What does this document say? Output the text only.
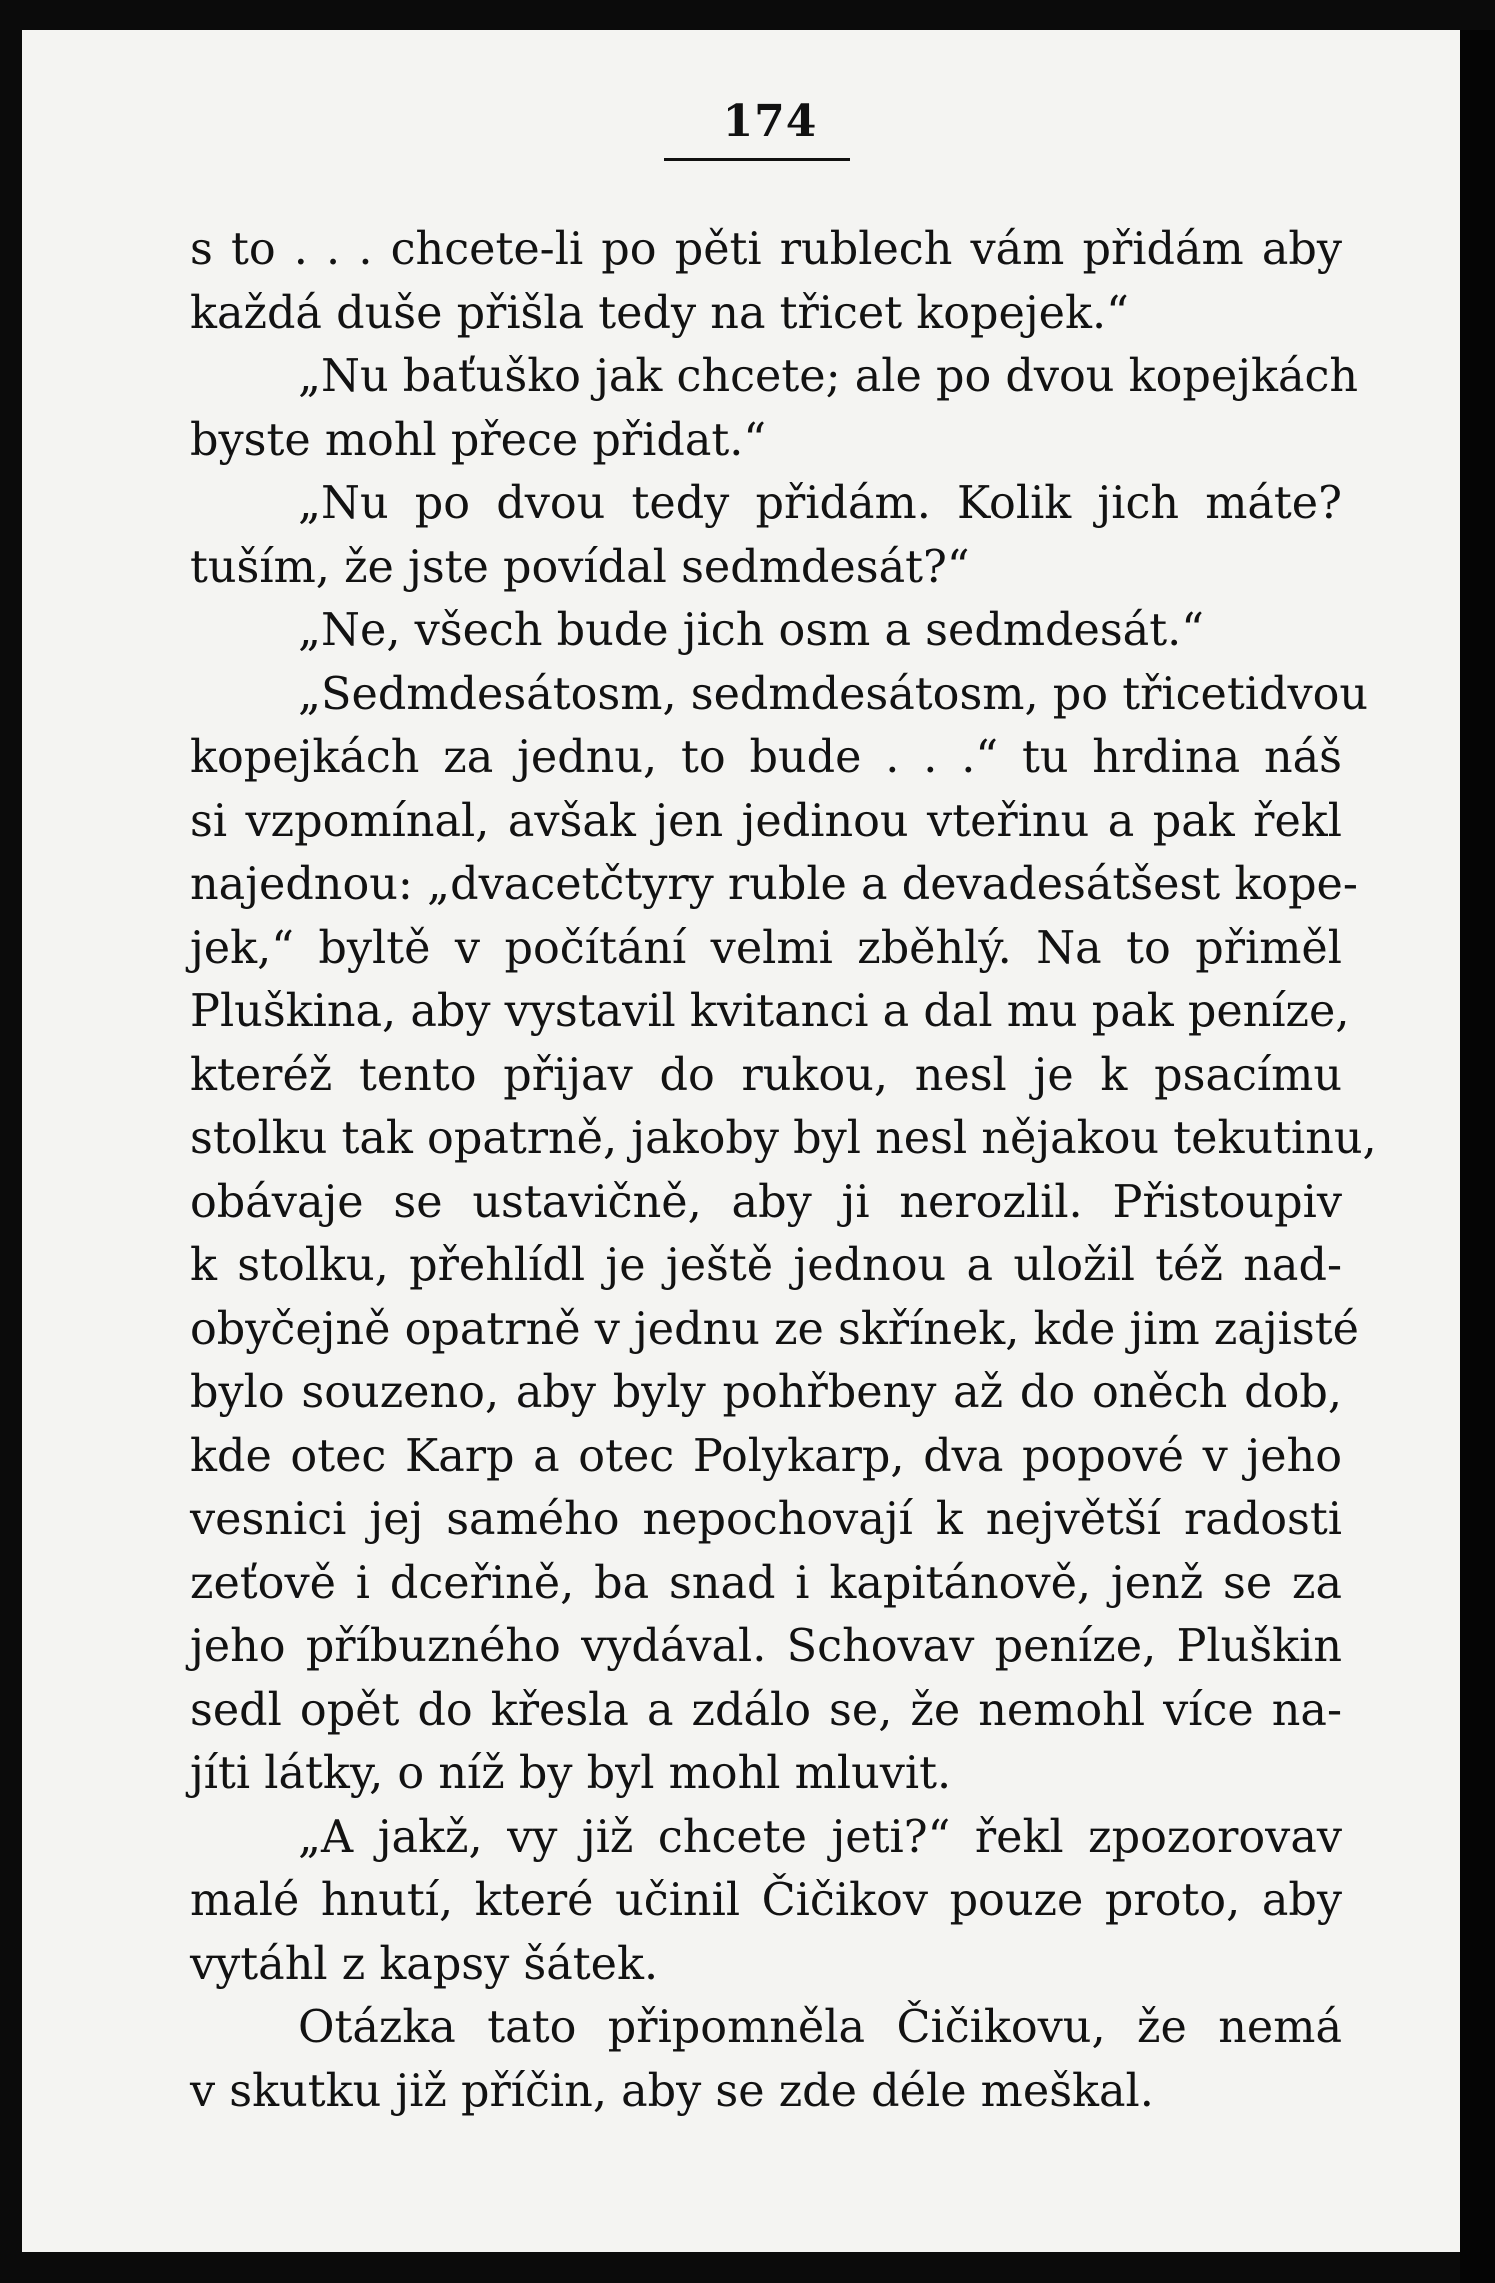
174
s to . . . chcete-li po pěti rublech vám přidám aby
každá duše přišla tedy na třicet kopejek.“
„Nu baťuško jak chcete; ale po dvou kopejkách
byste mohl přece přidat.“
„Nu po dvou tedy přidám. Kolik jich máte?
tuším, že jste povídal sedmdesát?“
„Ne, všech bude jich osm a sedmdesát.“
„Sedmdesátosm, sedmdesátosm, po třicetidvou
kopejkách za jednu, to bude . . .“ tu hrdina náš
si vzpomínal, avšak jen jedinou vteřinu a pak řekl
najednou: „dvacetčtyry ruble a devadesátšest kope-
jek,“ byltě v počítání velmi zběhlý. Na to přiměl
Pluškina, aby vystavil kvitanci a dal mu pak peníze,
kteréž tento přijav do rukou, nesl je k psacímu
stolku tak opatrně, jakoby byl nesl nějakou tekutinu,
obávaje se ustavičně, aby ji nerozlil. Přistoupiv
k stolku, přehlídl je ještě jednou a uložil též nad-
obyčejně opatrně v jednu ze skřínek, kde jim zajisté
bylo souzeno, aby byly pohřbeny až do oněch dob,
kde otec Karp a otec Polykarp, dva popové v jeho
vesnici jej samého nepochovají k největší radosti
zeťově i dceřině, ba snad i kapitánově, jenž se za
jeho příbuzného vydával. Schovav peníze, Pluškin
sedl opět do křesla a zdálo se, že nemohl více na-
jíti látky, o níž by byl mohl mluvit.
„A jakž, vy již chcete jeti?“ řekl zpozorovav
malé hnutí, které učinil Čičikov pouze proto, aby
vytáhl z kapsy šátek.
Otázka tato připomněla Čičikovu, že nemá
v skutku již příčin, aby se zde déle meškal.
